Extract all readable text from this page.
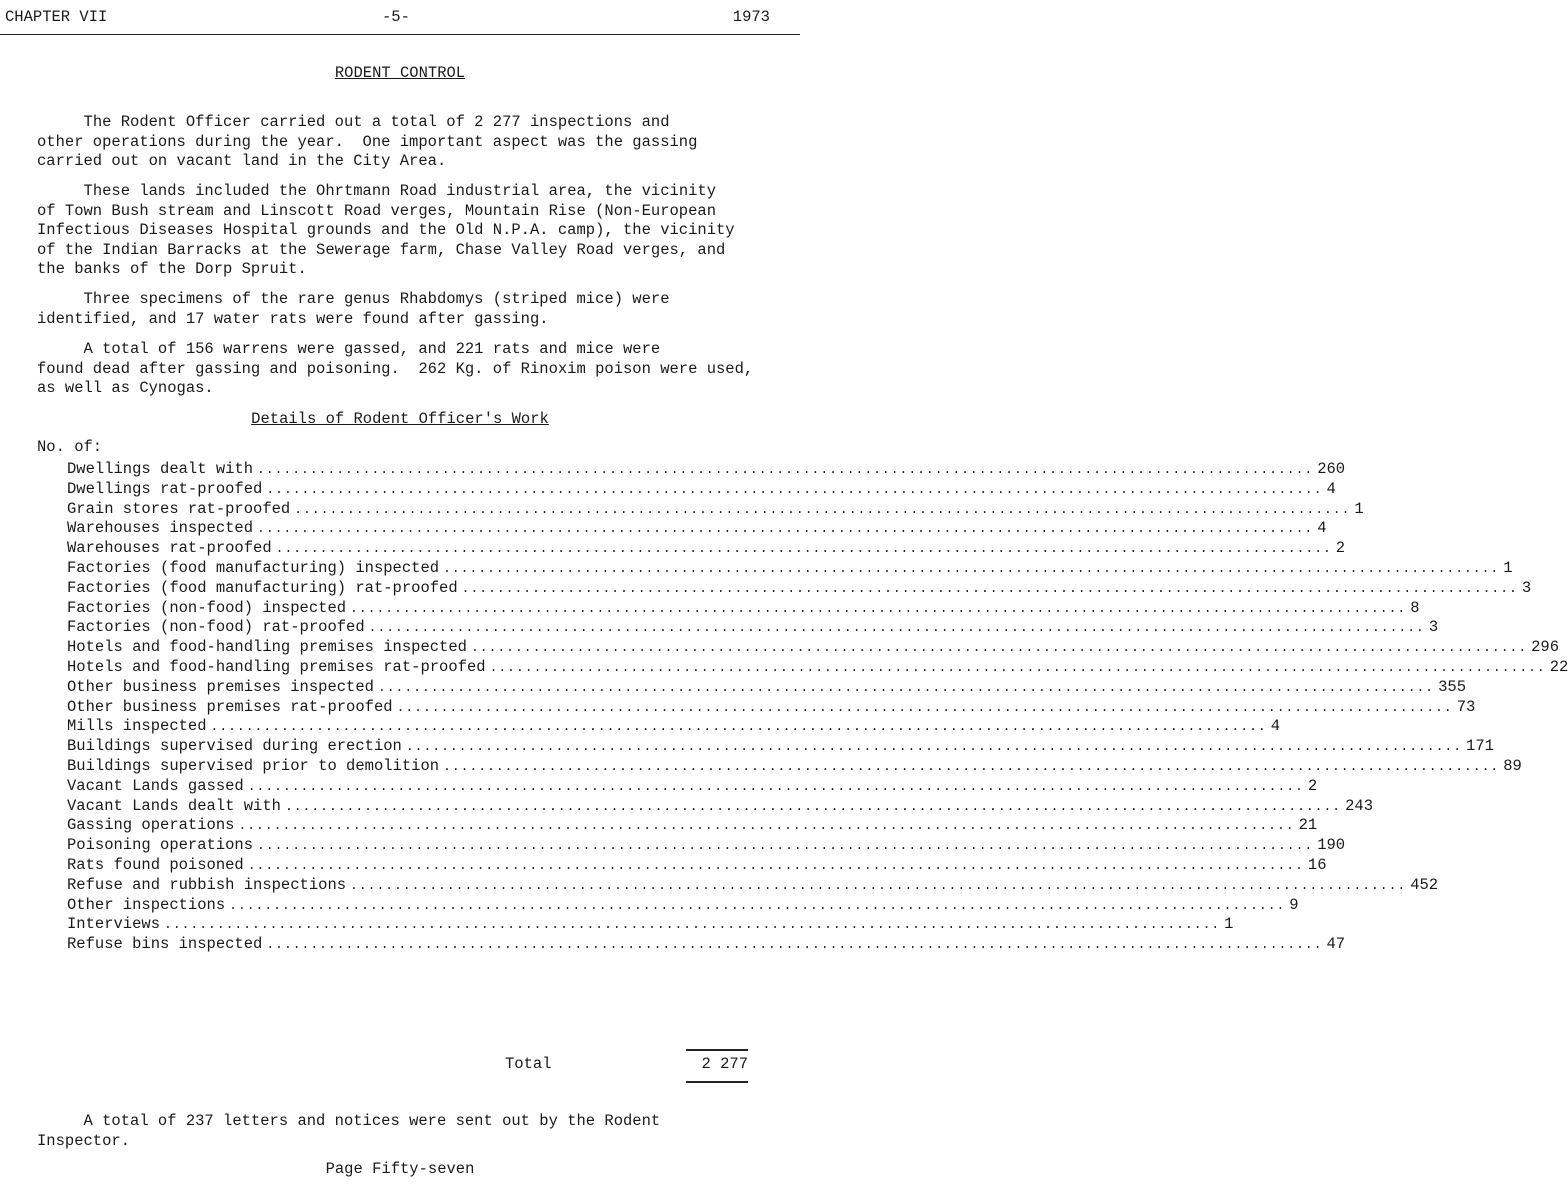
CHAPTER VII	-5-	1973
RODENT CONTROL

The Rodent Officer carried out a total of 2 277 inspections and
other operations during the year.  One important aspect was the gassing
carried out on vacant land in the City Area.

These lands included the Ohrtmann Road industrial area, the vicinity
of Town Bush stream and Linscott Road verges, Mountain Rise (Non-European
Infectious Diseases Hospital grounds and the Old N.P.A. camp), the vicinity
of the Indian Barracks at the Sewerage farm, Chase Valley Road verges, and
the banks of the Dorp Spruit.

Three specimens of the rare genus Rhabdomys (striped mice) were
identified, and 17 water rats were found after gassing.

A total of 156 warrens were gassed, and 221 rats and mice were
found dead after gassing and poisoning.  262 Kg. of Rinoxim poison were used,
as well as Cynogas.

Details of Rodent Officer's Work
No. of:
Dwellings dealt with ........................................................................................................................ 260
Dwellings rat-proofed ........................................................................................................................ 4
Grain stores rat-proofed ........................................................................................................................ 1
Warehouses inspected ........................................................................................................................ 4
Warehouses rat-proofed ........................................................................................................................ 2
Factories (food manufacturing) inspected ........................................................................................................................ 1
Factories (food manufacturing) rat-proofed ........................................................................................................................ 3
Factories (non-food) inspected ........................................................................................................................ 8
Factories (non-food) rat-proofed ........................................................................................................................ 3
Hotels and food-handling premises inspected ........................................................................................................................ 296
Hotels and food-handling premises rat-proofed ........................................................................................................................ 22
Other business premises inspected ........................................................................................................................ 355
Other business premises rat-proofed ........................................................................................................................ 73
Mills inspected ........................................................................................................................ 4
Buildings supervised during erection ........................................................................................................................ 171
Buildings supervised prior to demolition ........................................................................................................................ 89
Vacant Lands gassed ........................................................................................................................ 2
Vacant Lands dealt with ........................................................................................................................ 243
Gassing operations ........................................................................................................................ 21
Poisoning operations ........................................................................................................................ 190
Rats found poisoned ........................................................................................................................ 16
Refuse and rubbish inspections ........................................................................................................................ 452
Other inspections ........................................................................................................................ 9
Interviews ........................................................................................................................ 1
Refuse bins inspected ........................................................................................................................ 47
Total	2 277

A total of 237 letters and notices were sent out by the Rodent
Inspector.

Page Fifty-seven
